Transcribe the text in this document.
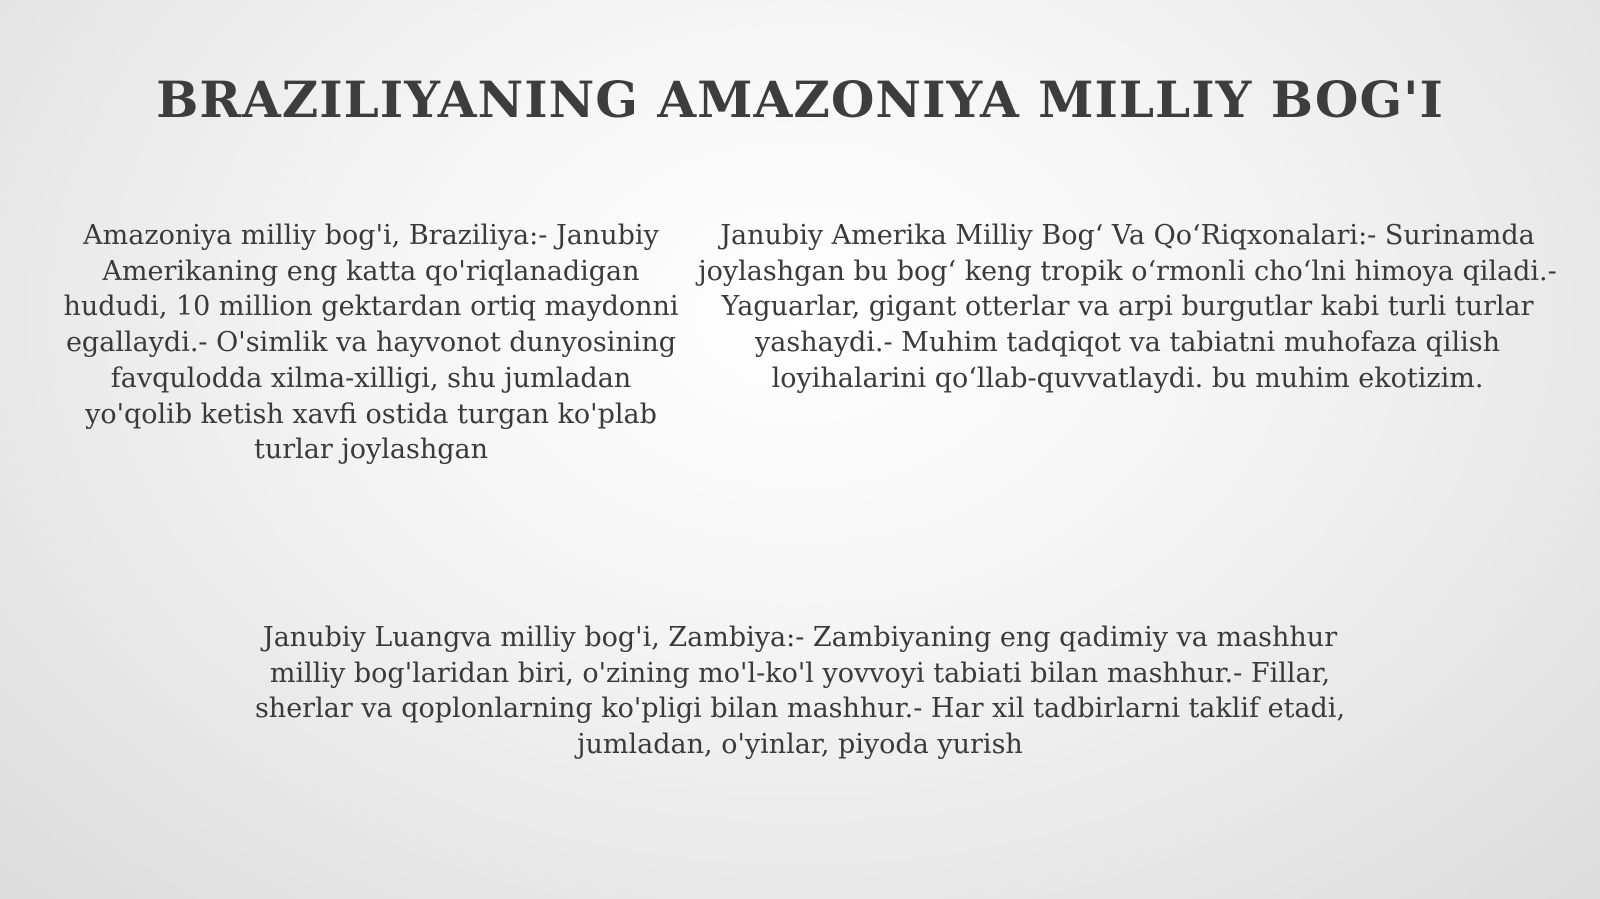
BRAZILIYANING AMAZONIYA MILLIY BOG'I

Amazoniya milliy bog'i, Braziliya:- Janubiy Amerikaning eng katta qo'riqlanadigan hududi, 10 million gektardan ortiq maydonni egallaydi.- O'simlik va hayvonot dunyosining favqulodda xilma-xilligi, shu jumladan yo'qolib ketish xavfi ostida turgan ko'plab turlar joylashgan

Janubiy Amerika Milliy Bog‘ Va Qo‘Riqxonalari:- Surinamda joylashgan bu bog‘ keng tropik o‘rmonli cho‘lni himoya qiladi.- Yaguarlar, gigant otterlar va arpi burgutlar kabi turli turlar yashaydi.- Muhim tadqiqot va tabiatni muhofaza qilish loyihalarini qo‘llab-quvvatlaydi. bu muhim ekotizim.

Janubiy Luangva milliy bog'i, Zambiya:- Zambiyaning eng qadimiy va mashhur milliy bog'laridan biri, o'zining mo'l-ko'l yovvoyi tabiati bilan mashhur.- Fillar, sherlar va qoplonlarning ko'pligi bilan mashhur.- Har xil tadbirlarni taklif etadi, jumladan, o'yinlar, piyoda yurish
